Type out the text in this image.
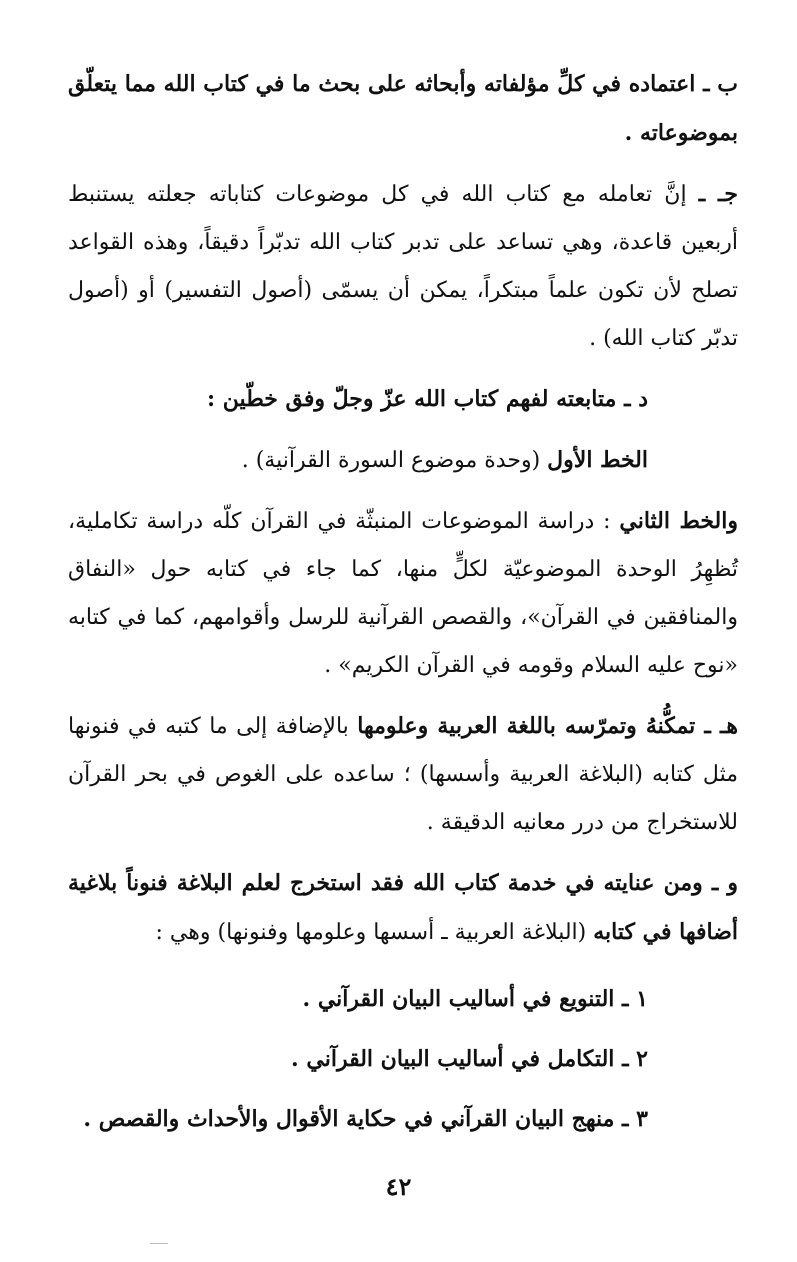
ب ـ اعتماده في كلِّ مؤلفاته وأبحاثه على بحث ما في كتاب الله مما يتعلّق بموضوعاته .

جـ ـ إنَّ تعامله مع كتاب الله في كل موضوعات كتاباته جعلته يستنبط أربعين قاعدة، وهي تساعد على تدبر كتاب الله تدبّراً دقيقاً، وهذه القواعد تصلح لأن تكون علماً مبتكراً، يمكن أن يسمّى (أصول التفسير) أو (أصول تدبّر كتاب الله) .

د ـ متابعته لفهم كتاب الله عزّ وجلّ وفق خطّين :

الخط الأول (وحدة موضوع السورة القرآنية) .

والخط الثاني : دراسة الموضوعات المنبثّة في القرآن كلّه دراسة تكاملية، تُظهِرُ الوحدة الموضوعيّة لكلٍّ منها، كما جاء في كتابه حول «النفاق والمنافقين في القرآن»، والقصص القرآنية للرسل وأقوامهم، كما في كتابه «نوح عليه السلام وقومه في القرآن الكريم» .

هـ ـ تمكُّنهُ وتمرّسه باللغة العربية وعلومها بالإضافة إلى ما كتبه في فنونها مثل كتابه (البلاغة العربية وأسسها) ؛ ساعده على الغوص في بحر القرآن للاستخراج من درر معانيه الدقيقة .

و ـ ومن عنايته في خدمة كتاب الله فقد استخرج لعلم البلاغة فنوناً بلاغية أضافها في كتابه (البلاغة العربية ـ أسسها وعلومها وفنونها) وهي :

١ ـ التنويع في أساليب البيان القرآني .

٢ ـ التكامل في أساليب البيان القرآني .

٣ ـ منهج البيان القرآني في حكاية الأقوال والأحداث والقصص .

٤٢
